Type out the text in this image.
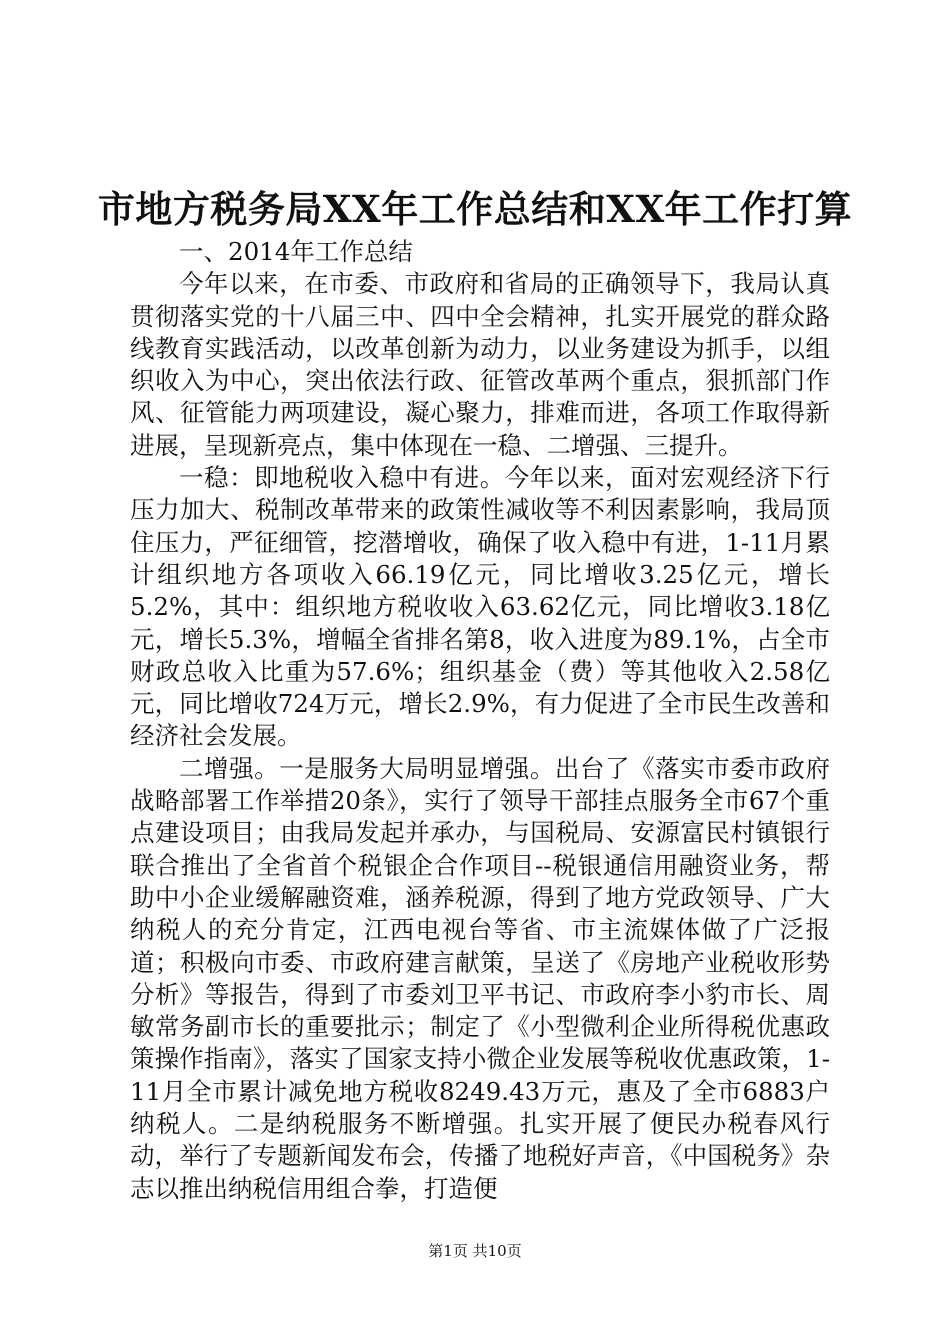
市地方税务局XX年工作总结和XX年工作打算

一、2014年工作总结

今年以来，在市委、市政府和省局的正确领导下，我局认真贯彻落实党的十八届三中、四中全会精神，扎实开展党的群众路线教育实践活动，以改革创新为动力，以业务建设为抓手，以组织收入为中心，突出依法行政、征管改革两个重点，狠抓部门作风、征管能力两项建设，凝心聚力，排难而进，各项工作取得新进展，呈现新亮点，集中体现在一稳、二增强、三提升。

一稳：即地税收入稳中有进。今年以来，面对宏观经济下行压力加大、税制改革带来的政策性减收等不利因素影响，我局顶住压力，严征细管，挖潜增收，确保了收入稳中有进，1-11月累计组织地方各项收入66.19亿元，同比增收3.25亿元，增长5.2%，其中：组织地方税收收入63.62亿元，同比增收3.18亿元，增长5.3%，增幅全省排名第8，收入进度为89.1%，占全市财政总收入比重为57.6%；组织基金（费）等其他收入2.58亿元，同比增收724万元，增长2.9%，有力促进了全市民生改善和经济社会发展。

二增强。一是服务大局明显增强。出台了《落实市委市政府战略部署工作举措20条》，实行了领导干部挂点服务全市67个重点建设项目；由我局发起并承办，与国税局、安源富民村镇银行联合推出了全省首个税银企合作项目--税银通信用融资业务，帮助中小企业缓解融资难，涵养税源，得到了地方党政领导、广大纳税人的充分肯定，江西电视台等省、市主流媒体做了广泛报道；积极向市委、市政府建言献策，呈送了《房地产业税收形势分析》等报告，得到了市委刘卫平书记、市政府李小豹市长、周敏常务副市长的重要批示；制定了《小型微利企业所得税优惠政策操作指南》，落实了国家支持小微企业发展等税收优惠政策，1-11月全市累计减免地方税收8249.43万元，惠及了全市6883户纳税人。二是纳税服务不断增强。扎实开展了便民办税春风行动，举行了专题新闻发布会，传播了地税好声音，《中国税务》杂志以推出纳税信用组合拳，打造便

第1页 共10页
